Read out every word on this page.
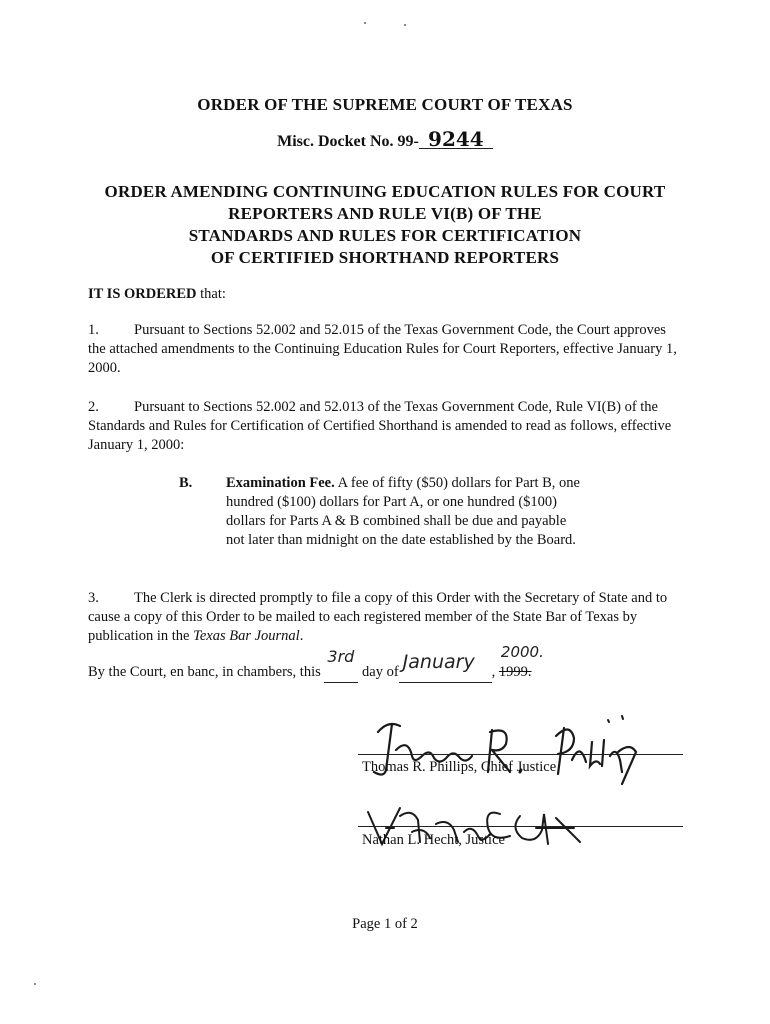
ORDER OF THE SUPREME COURT OF TEXAS
Misc. Docket No. 99- 9244
ORDER AMENDING CONTINUING EDUCATION RULES FOR COURT
REPORTERS AND RULE VI(B) OF THE
STANDARDS AND RULES FOR CERTIFICATION
OF CERTIFIED SHORTHAND REPORTERS
IT IS ORDERED that:
1. Pursuant to Sections 52.002 and 52.015 of the Texas Government Code, the Court approves the attached amendments to the Continuing Education Rules for Court Reporters, effective January 1, 2000.
2. Pursuant to Sections 52.002 and 52.013 of the Texas Government Code, Rule VI(B) of the Standards and Rules for Certification of Certified Shorthand is amended to read as follows, effective January 1, 2000:
B. Examination Fee. A fee of fifty ($50) dollars for Part B, one hundred ($100) dollars for Part A, or one hundred ($100) dollars for Parts A & B combined shall be due and payable not later than midnight on the date established by the Board.
3. The Clerk is directed promptly to file a copy of this Order with the Secretary of State and to cause a copy of this Order to be mailed to each registered member of the State Bar of Texas by publication in the Texas Bar Journal.
By the Court, en banc, in chambers, this
3rd
day of January , 1999.
2000.
Thomas R. Phillips, Chief Justice
Nathan L. Hecht, Justice
Page 1 of 2
